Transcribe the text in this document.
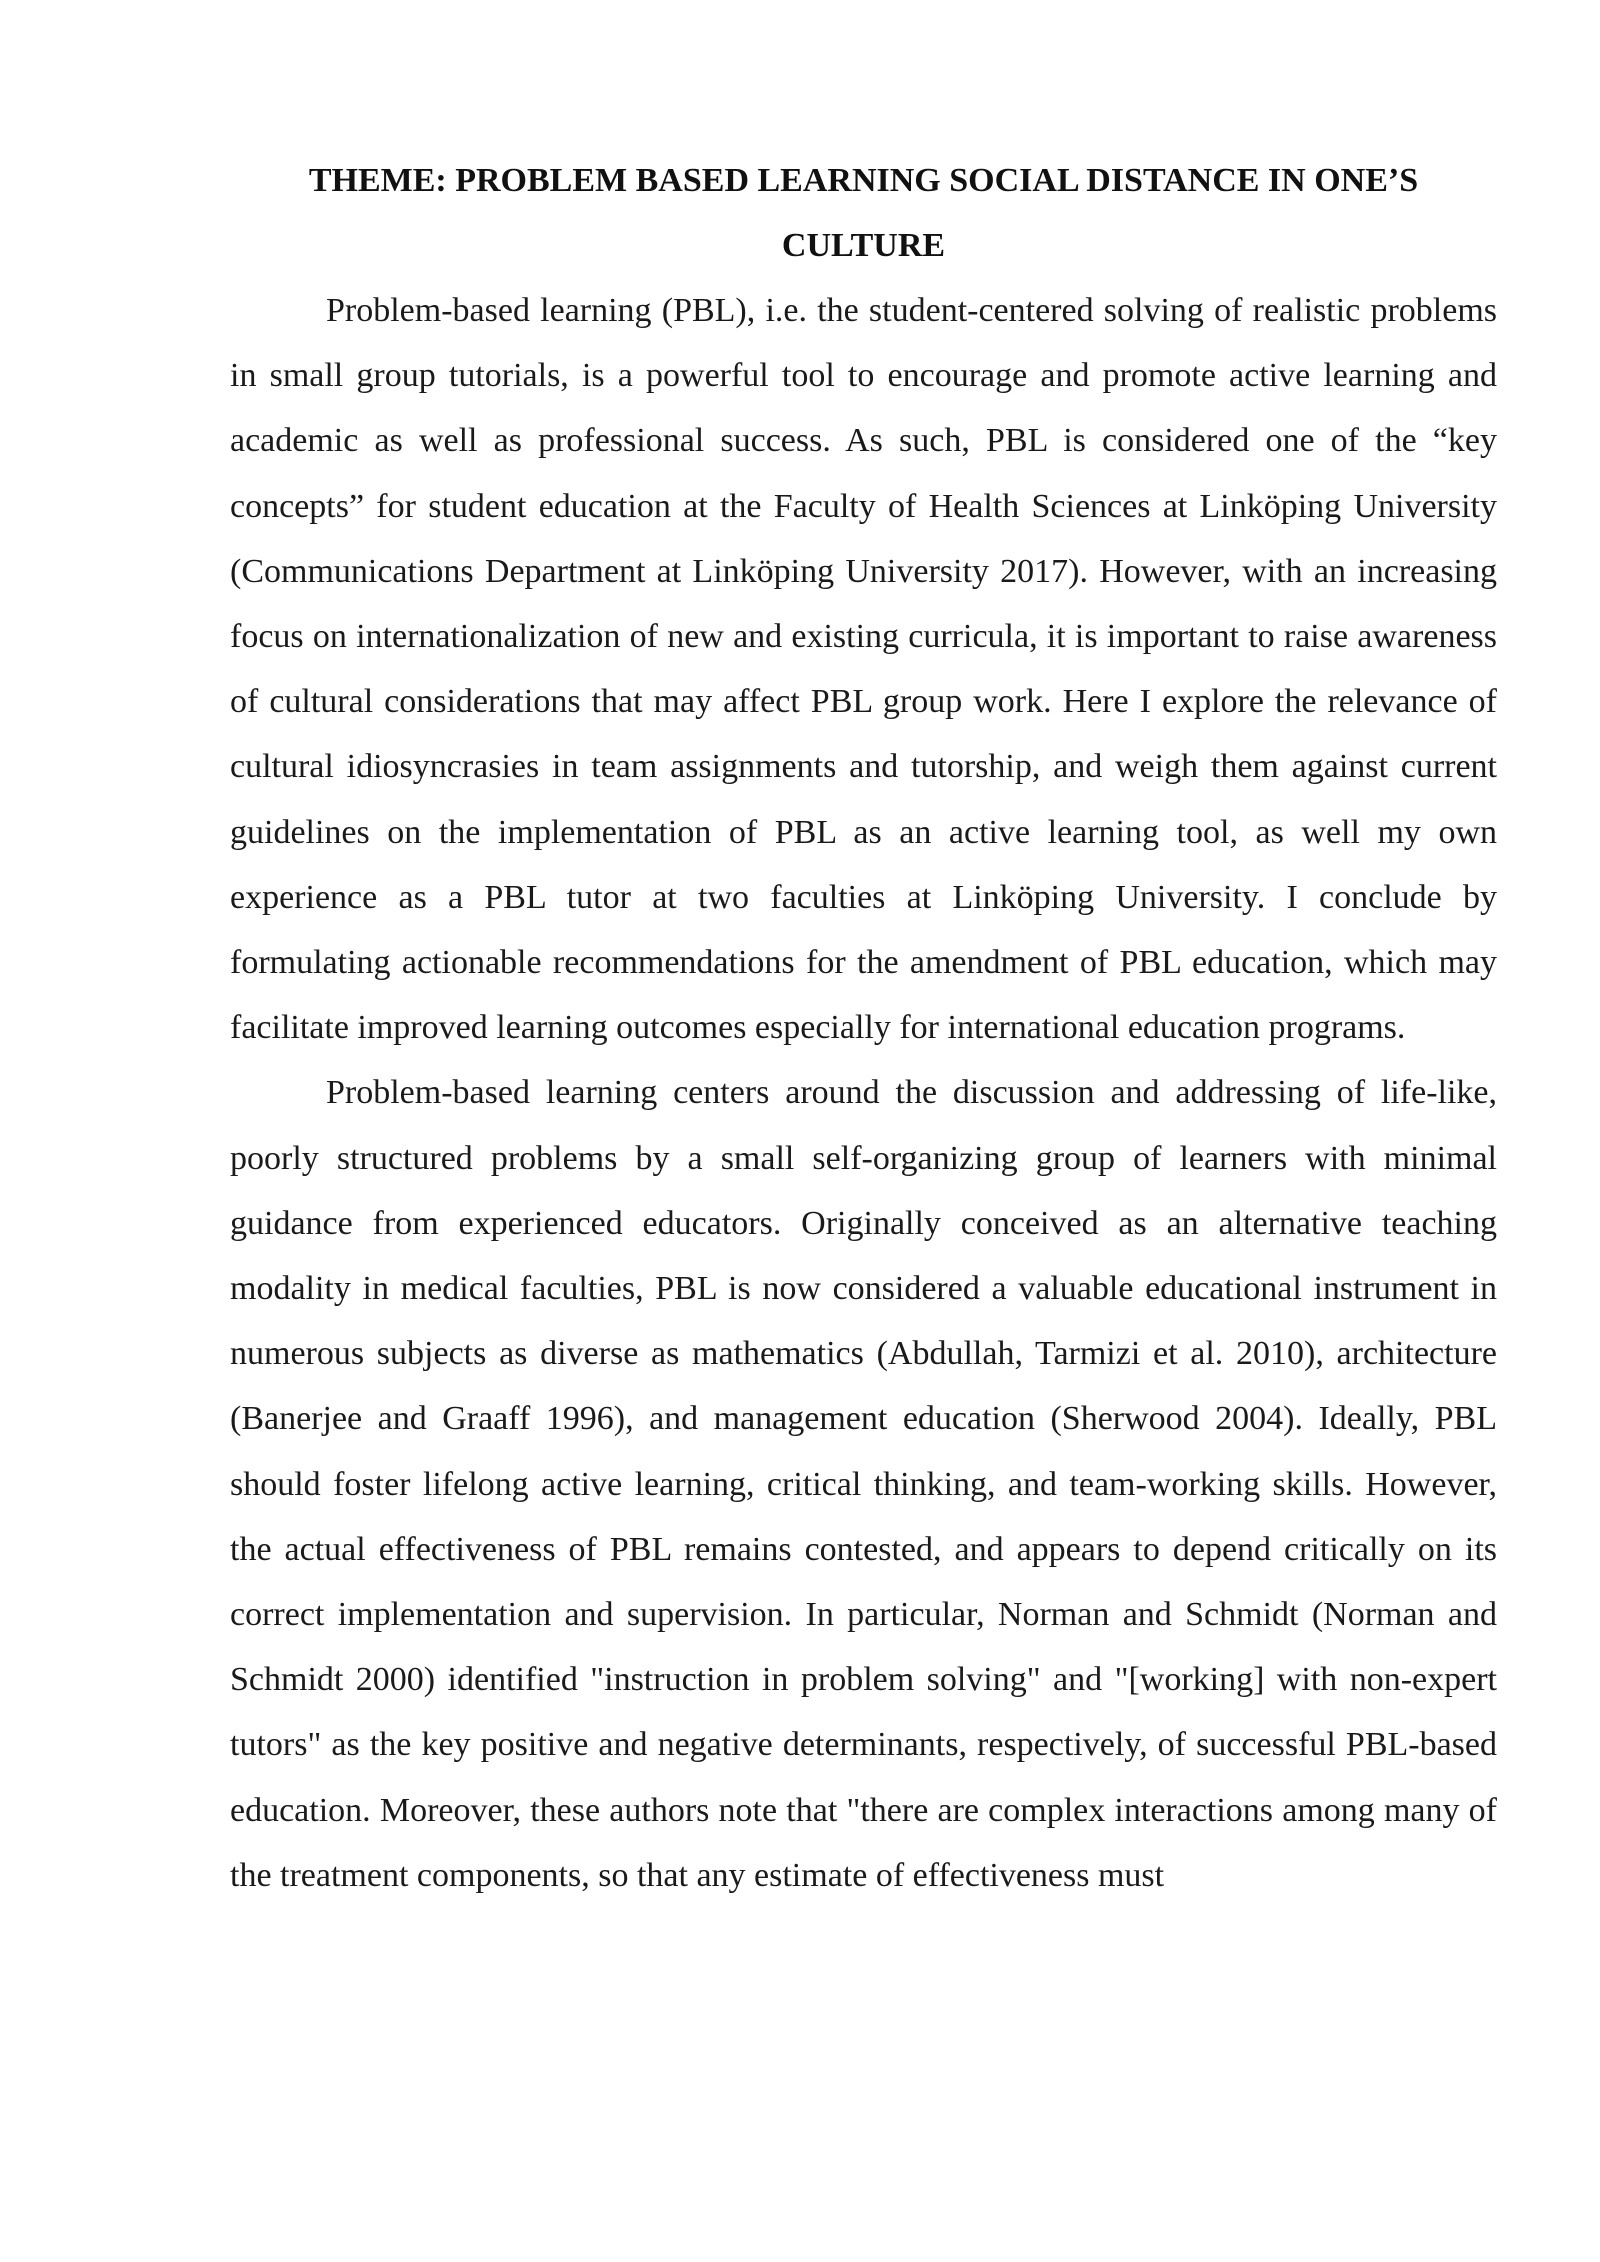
THEME: PROBLEM BASED LEARNING SOCIAL DISTANCE IN ONE’S CULTURE

Problem-based learning (PBL), i.e. the student-centered solving of realistic problems in small group tutorials, is a powerful tool to encourage and promote active learning and academic as well as professional success. As such, PBL is considered one of the “key concepts” for student education at the Faculty of Health Sciences at Linköping University (Communications Department at Linköping University 2017). However, with an increasing focus on internationalization of new and existing curricula, it is important to raise awareness of cultural considerations that may affect PBL group work. Here I explore the relevance of cultural idiosyncrasies in team assignments and tutorship, and weigh them against current guidelines on the implementation of PBL as an active learning tool, as well my own experience as a PBL tutor at two faculties at Linköping University. I conclude by formulating actionable recommendations for the amendment of PBL education, which may facilitate improved learning outcomes especially for international education programs.

Problem-based learning centers around the discussion and addressing of life-like, poorly structured problems by a small self-organizing group of learners with minimal guidance from experienced educators. Originally conceived as an alternative teaching modality in medical faculties, PBL is now considered a valuable educational instrument in numerous subjects as diverse as mathematics (Abdullah, Tarmizi et al. 2010), architecture (Banerjee and Graaff 1996), and management education (Sherwood 2004). Ideally, PBL should foster lifelong active learning, critical thinking, and team-working skills. However, the actual effectiveness of PBL remains contested, and appears to depend critically on its correct implementation and supervision. In particular, Norman and Schmidt (Norman and Schmidt 2000) identified "instruction in problem solving" and "[working] with non-expert tutors" as the key positive and negative determinants, respectively, of successful PBL-based education. Moreover, these authors note that "there are complex interactions among many of the treatment components, so that any estimate of effectiveness must
